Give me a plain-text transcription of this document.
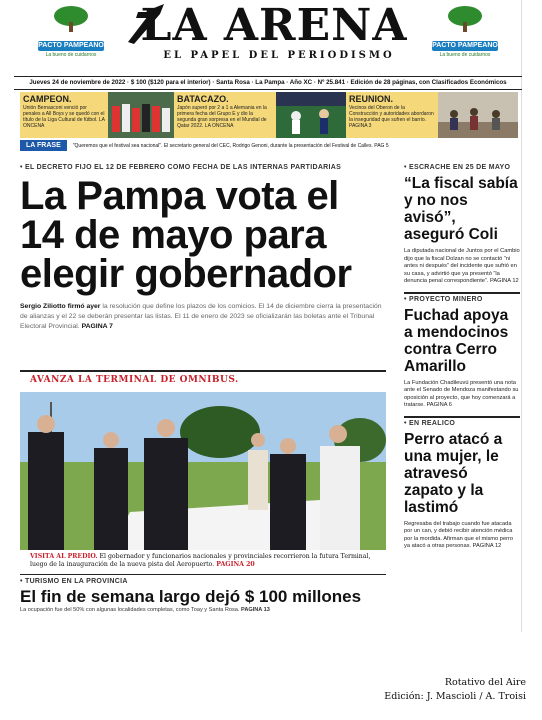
PACTO PAMPEANO
La bueno de cuidarnos
LA ARENA
EL PAPEL DEL PERIODISMO
PACTO PAMPEANO
La bueno de cuidarnos
Jueves 24 de noviembre de 2022 · $ 100 ($120 para el interior) · Santa Rosa · La Pampa · Año XC · Nº 25.841 · Edición de 28 páginas, con Clasificados Económicos
CAMPEON.

Unión Bernasconi venció por penales a All Boys y se quedó con el título de la Liga Cultural de fútbol. LA ONCENA

BATACAZO.

Japón superó por 2 a 1 a Alemania en la primera fecha del Grupo E y dio la segunda gran sorpresa en el Mundial de Qatar 2022. LA ONCENA

REUNION.

Vecinos del Oberon de la Construcción y autoridades abordaron la inseguridad que sufren el barrio. PAGINA 3

LA FRASE	"Queremos que el festival sea nacional". El secretario general del CEC, Rodrigo Genoni, durante la presentación del Festival de Calles. PAG 5
• EL DECRETO FIJO EL 12 DE FEBRERO COMO FECHA DE LAS INTERNAS PARTIDARIAS
La Pampa vota el 14 de mayo para elegir gobernador
Sergio Ziliotto firmó ayer la resolución que define los plazos de los comicios. El 14 de diciembre cierra la presentación de alianzas y el 22 se deberán presentar las listas. El 11 de enero de 2023 se oficializarán las boletas ante el Tribunal Electoral Provincial. PAGINA 7
AVANZA LA TERMINAL DE OMNIBUS.
VISITA AL PREDIO. El gobernador y funcionarios nacionales y provinciales recorrieron la futura Terminal, luego de la inauguración de la nueva pista del Aeropuerto. PAGINA 20
• TURISMO EN LA PROVINCIA
El fin de semana largo dejó $ 100 millones

La ocupación fue del 50% con algunas localidades completas, como Toay y Santa Rosa. PAGINA 13

• ESCRACHE EN 25 DE MAYO
“La fiscal sabía y no nos avisó”, aseguró Coli

La diputada nacional de Juntos por el Cambio dijo que la fiscal Dolzan no se contactó “ni antes ni después” del incidente que sufrió en su casa, y advirtió que ya presentó “la denuncia penal correspondiente”. PAGINA 12

• PROYECTO MINERO
Fuchad apoya a mendocinos contra Cerro Amarillo

La Fundación Chadileuvú presentó una nota ante el Senado de Mendoza manifestando su oposición al proyecto, que hoy comenzará a tratarse. PAGINA 6

• EN REALICO
Perro atacó a una mujer, le atravesó zapato y la lastimó

Regresaba del trabajo cuando fue atacada por un can, y debió recibir atención médica por la mordida. Afirman que el mismo perro ya atacó a otras personas. PAGINA 12

Rotativo del Aire
Edición: J. Mascioli / A. Troisi
